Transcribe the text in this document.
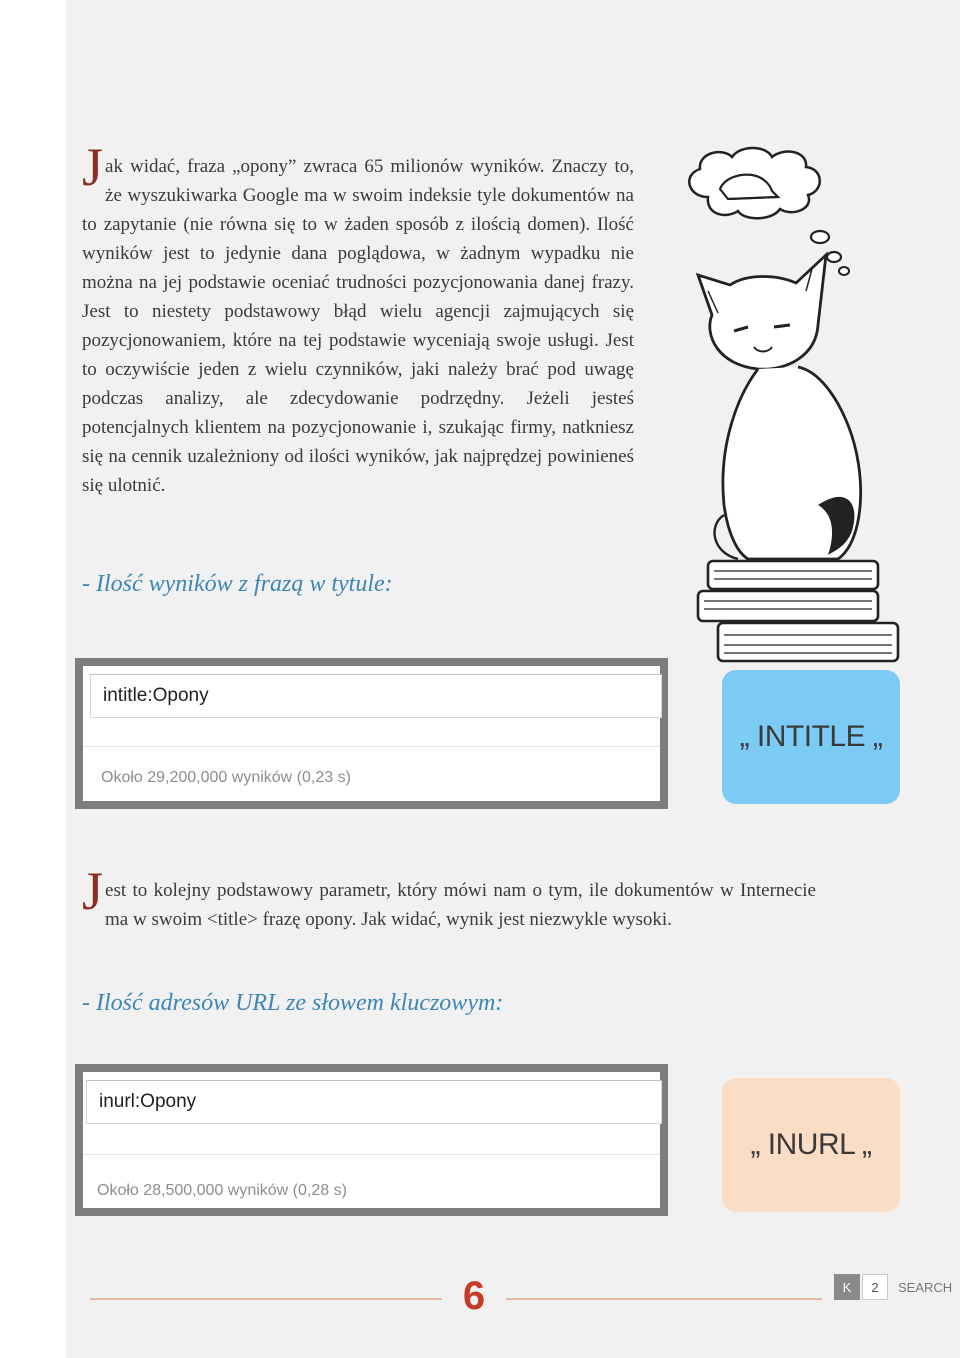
Jak widać, fraza „opony” zwraca 65 milionów wyników. Znaczy to, że wyszukiwarka Google ma w swoim indeksie tyle dokumentów na to zapytanie (nie równa się to w żaden sposób z ilością domen). Ilość wyników jest to jedynie dana poglądowa, w żadnym wypadku nie można na jej podstawie oceniać trudności pozycjonowania danej frazy. Jest to niestety podstawowy błąd wielu agencji zajmujących się pozycjonowaniem, które na tej podstawie wyceniają swoje usługi. Jest to oczywiście jeden z wielu czynników, jaki należy brać pod uwagę podczas analizy, ale zdecydowanie podrzędny. Jeżeli jesteś potencjalnych klientem na pozycjonowanie i, szukając firmy, natkniesz się na cennik uzależniony od ilości wyników, jak najprędzej powinieneś się ulotnić.
- Ilość wyników z frazą w tytule:
intitle:Opony
Około 29,200,000 wyników (0,23 s)
„ INTITLE „
Jest to kolejny podstawowy parametr, który mówi nam o tym, ile dokumentów w Internecie ma w swoim <title> frazę opony. Jak widać, wynik jest niezwykle wysoki.
- Ilość adresów URL ze słowem kluczowym:
inurl:Opony
Około 28,500,000 wyników (0,28 s)
„ INURL „
6	K	2	SEARCH
